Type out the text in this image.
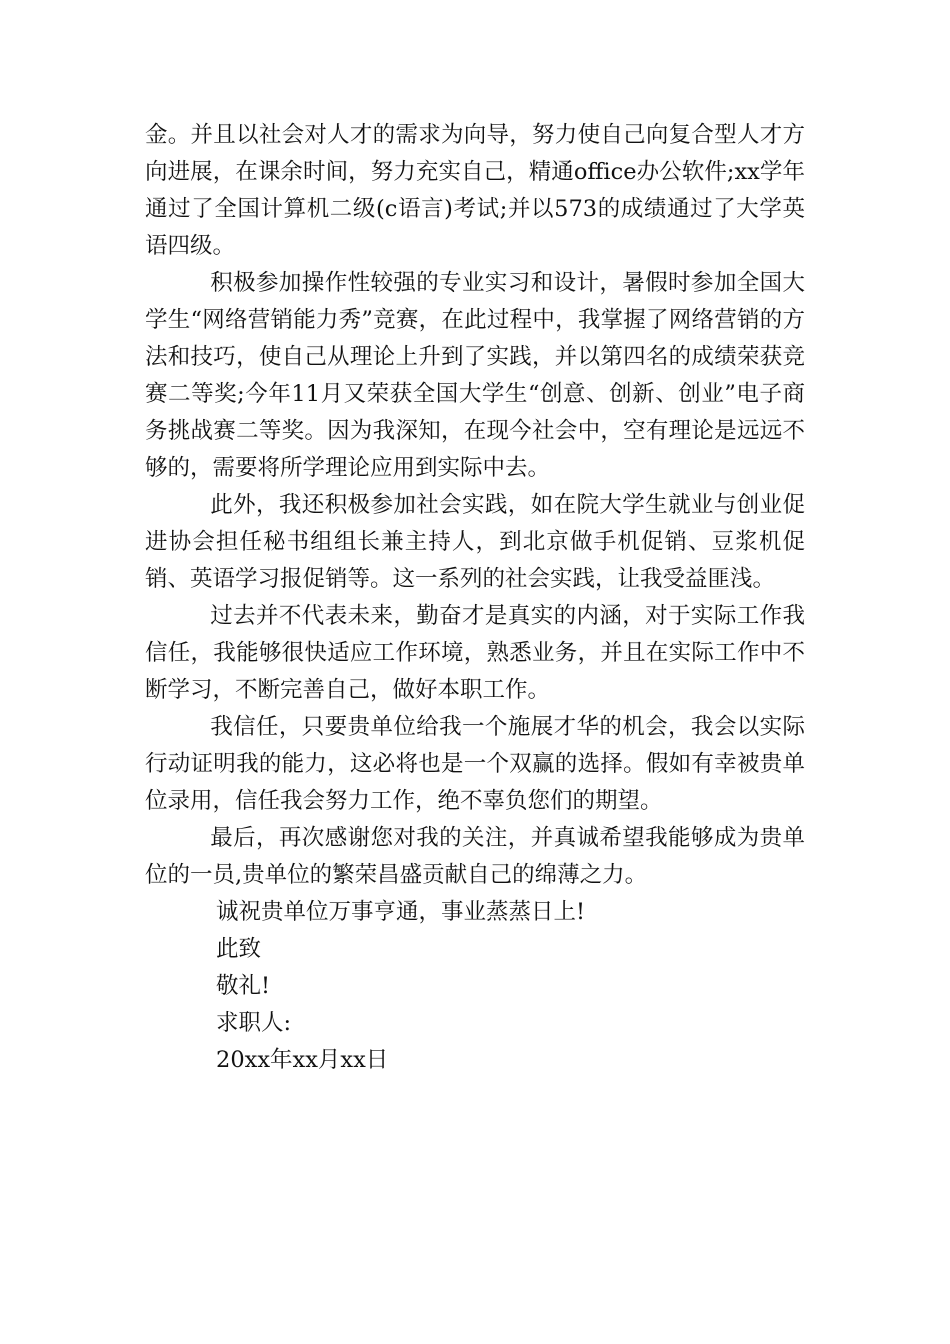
金。并且以社会对人才的需求为向导，努力使自己向复合型人才方向进展，在课余时间，努力充实自己，精通office办公软件;xx学年通过了全国计算机二级(c语言)考试;并以573的成绩通过了大学英语四级。

积极参加操作性较强的专业实习和设计，暑假时参加全国大学生“网络营销能力秀”竞赛，在此过程中，我掌握了网络营销的方法和技巧，使自己从理论上升到了实践，并以第四名的成绩荣获竞赛二等奖;今年11月又荣获全国大学生“创意、创新、创业”电子商务挑战赛二等奖。因为我深知，在现今社会中，空有理论是远远不够的，需要将所学理论应用到实际中去。

此外，我还积极参加社会实践，如在院大学生就业与创业促进协会担任秘书组组长兼主持人，到北京做手机促销、豆浆机促销、英语学习报促销等。这一系列的社会实践，让我受益匪浅。

过去并不代表未来，勤奋才是真实的内涵，对于实际工作我信任，我能够很快适应工作环境，熟悉业务，并且在实际工作中不断学习，不断完善自己，做好本职工作。

我信任，只要贵单位给我一个施展才华的机会，我会以实际行动证明我的能力，这必将也是一个双赢的选择。假如有幸被贵单位录用，信任我会努力工作，绝不辜负您们的期望。

最后，再次感谢您对我的关注，并真诚希望我能够成为贵单位的一员,贵单位的繁荣昌盛贡献自己的绵薄之力。

诚祝贵单位万事亨通，事业蒸蒸日上!

此致

敬礼!

求职人:

20xx年xx月xx日
